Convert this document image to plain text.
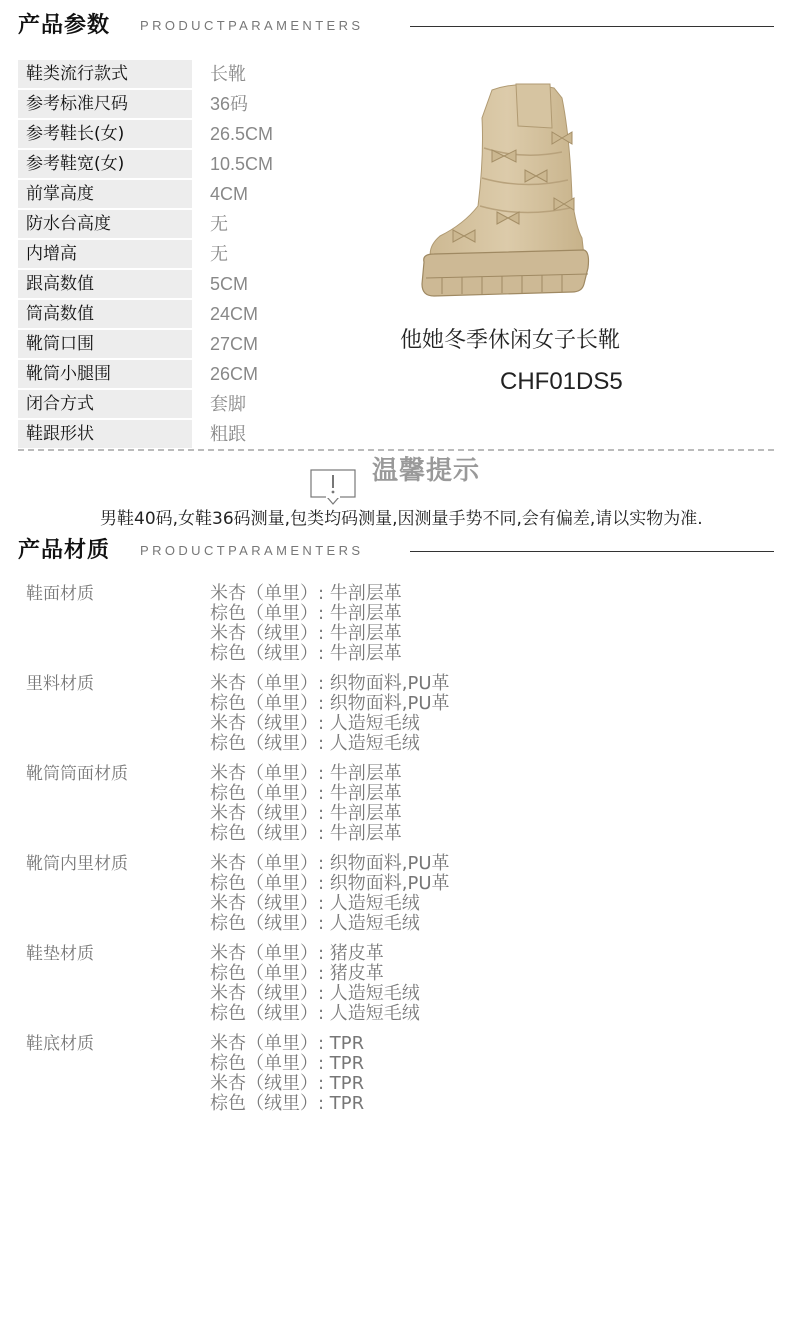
产品参数 PRODUCTPARAMENTERS
鞋类流行款式	长靴
参考标准尺码	36码
参考鞋长(女)	26.5CM
参考鞋宽(女)	10.5CM
前掌高度	4CM
防水台高度	无
内增高	无
跟高数值	5CM
筒高数值	24CM
靴筒口围	27CM
靴筒小腿围	26CM
闭合方式	套脚
鞋跟形状	粗跟
他她冬季休闲女子长靴
CHF01DS5
温馨提示
男鞋40码,女鞋36码测量,包类均码测量,因测量手势不同,会有偏差,请以实物为准.
产品材质 PRODUCTPARAMENTERS
鞋面材质	米杏（单里）: 牛剖层革
棕色（单里）: 牛剖层革
米杏（绒里）: 牛剖层革
棕色（绒里）: 牛剖层革
里料材质	米杏（单里）: 织物面料,PU革
棕色（单里）: 织物面料,PU革
米杏（绒里）: 人造短毛绒
棕色（绒里）: 人造短毛绒
靴筒筒面材质	米杏（单里）: 牛剖层革
棕色（单里）: 牛剖层革
米杏（绒里）: 牛剖层革
棕色（绒里）: 牛剖层革
靴筒内里材质	米杏（单里）: 织物面料,PU革
棕色（单里）: 织物面料,PU革
米杏（绒里）: 人造短毛绒
棕色（绒里）: 人造短毛绒
鞋垫材质	米杏（单里）: 猪皮革
棕色（单里）: 猪皮革
米杏（绒里）: 人造短毛绒
棕色（绒里）: 人造短毛绒
鞋底材质	米杏（单里）: TPR
棕色（单里）: TPR
米杏（绒里）: TPR
棕色（绒里）: TPR
